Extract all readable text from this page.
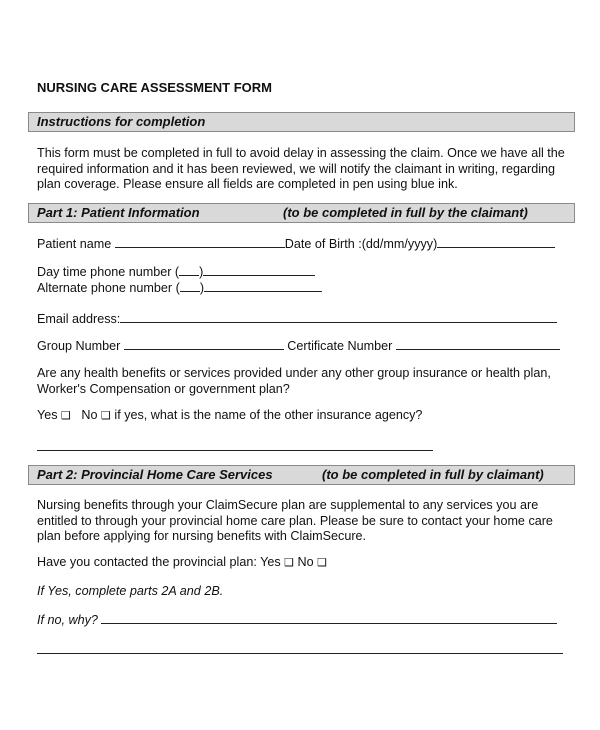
NURSING CARE ASSESSMENT FORM
Instructions for completion
This form must be completed in full to avoid delay in assessing the claim. Once we have all the
required information and it has been reviewed, we will notify the claimant in writing, regarding
plan coverage. Please ensure all fields are completed in pen using blue ink.
Part 1: Patient Information	(to be completed in full by the claimant)
Patient name	Date of Birth :(dd/mm/yyyy)
Day time phone number ( )
Alternate phone number ( )
Email address:
Group Number	Certificate Number
Are any health benefits or services provided under any other group insurance or health plan,
Worker's Compensation or government plan?
Yes ❑ No ❑ if yes, what is the name of the other insurance agency?
Part 2: Provincial Home Care Services	(to be completed in full by claimant)
Nursing benefits through your ClaimSecure plan are supplemental to any services you are
entitled to through your provincial home care plan. Please be sure to contact your home care
plan before applying for nursing benefits with ClaimSecure.
Have you contacted the provincial plan: Yes ❑ No ❑
If Yes, complete parts 2A and 2B.
If no, why?
